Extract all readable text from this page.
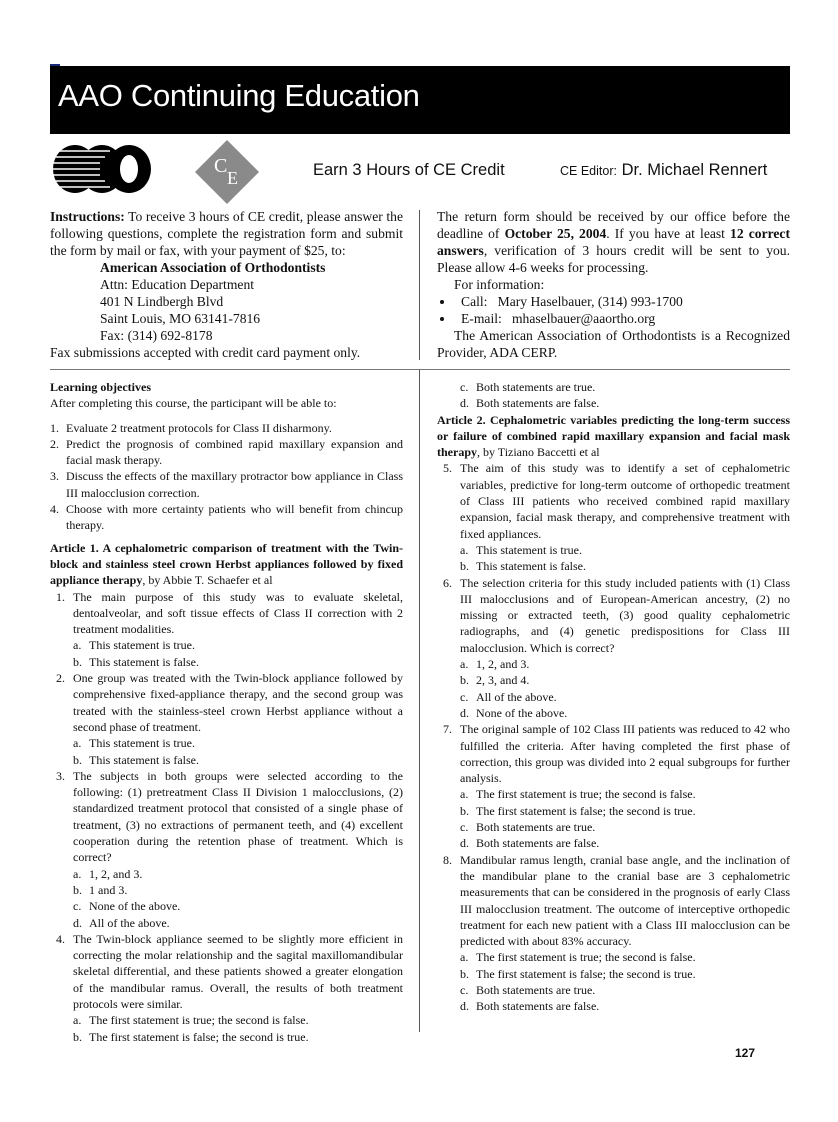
AAO Continuing Education
C
E	Earn 3 Hours of CE Credit	CE Editor: Dr. Michael Rennert

Instructions: To receive 3 hours of CE credit, please answer the following questions, complete the registration form and submit the form by mail or fax, with your payment of $25, to:

American Association of Orthodontists
Attn: Education Department
401 N Lindbergh Blvd
Saint Louis, MO 63141-7816
Fax: (314) 692-8178
Fax submissions accepted with credit card payment only.

The return form should be received by our office before the deadline of October 25, 2004. If you have at least 12 correct answers, verification of 3 hours credit will be sent to you. Please allow 4-6 weeks for processing.

For information:
• Call:   Mary Haselbauer, (314) 993-1700
• E-mail:   mhaselbauer@aaortho.org

The American Association of Orthodontists is a Recognized Provider, ADA CERP.

Learning objectives

After completing this course, the participant will be able to:

1. Evaluate 2 treatment protocols for Class II disharmony.
2. Predict the prognosis of combined rapid maxillary expansion and facial mask therapy.
3. Discuss the effects of the maxillary protractor bow appliance in Class III malocclusion correction.
4. Choose with more certainty patients who will benefit from chincup therapy.

Article 1. A cephalometric comparison of treatment with the Twin-block and stainless steel crown Herbst appliances followed by fixed appliance therapy, by Abbie T. Schaefer et al

1. The main purpose of this study was to evaluate skeletal, dentoalveolar, and soft tissue effects of Class II correction with 2 treatment modalities.
a. This statement is true.
b. This statement is false.
2. One group was treated with the Twin-block appliance followed by comprehensive fixed-appliance therapy, and the second group was treated with the stainless-steel crown Herbst appliance without a second phase of treatment.
a. This statement is true.
b. This statement is false.
3. The subjects in both groups were selected according to the following: (1) pretreatment Class II Division 1 malocclusions, (2) standardized treatment protocol that consisted of a single phase of treatment, (3) no extractions of permanent teeth, and (4) excellent cooperation during the retention phase of treatment. Which is correct?
a. 1, 2, and 3.
b. 1 and 3.
c. None of the above.
d. All of the above.
4. The Twin-block appliance seemed to be slightly more efficient in correcting the molar relationship and the sagital maxillomandibular skeletal differential, and these patients showed a greater elongation of the mandibular ramus. Overall, the results of both treatment protocols were similar.
a. The first statement is true; the second is false.
b. The first statement is false; the second is true.
c. Both statements are true.
d. Both statements are false.

Article 2. Cephalometric variables predicting the long-term success or failure of combined rapid maxillary expansion and facial mask therapy, by Tiziano Baccetti et al

5. The aim of this study was to identify a set of cephalometric variables, predictive for long-term outcome of orthopedic treatment of Class III patients who received combined rapid maxillary expansion, facial mask therapy, and comprehensive treatment with fixed appliances.
a. This statement is true.
b. This statement is false.
6. The selection criteria for this study included patients with (1) Class III malocclusions and of European-American ancestry, (2) no missing or extracted teeth, (3) good quality cephalometric radiographs, and (4) genetic predispositions for Class III malocclusion. Which is correct?
a. 1, 2, and 3.
b. 2, 3, and 4.
c. All of the above.
d. None of the above.
7. The original sample of 102 Class III patients was reduced to 42 who fulfilled the criteria. After having completed the first phase of correction, this group was divided into 2 equal subgroups for further analysis.
a. The first statement is true; the second is false.
b. The first statement is false; the second is true.
c. Both statements are true.
d. Both statements are false.
8. Mandibular ramus length, cranial base angle, and the inclination of the mandibular plane to the cranial base are 3 cephalometric measurements that can be considered in the prognosis of early Class III malocclusion treatment. The outcome of interceptive orthopedic treatment for each new patient with a Class III malocclusion can be predicted with about 83% accuracy.
a. The first statement is true; the second is false.
b. The first statement is false; the second is true.
c. Both statements are true.
d. Both statements are false.
127
